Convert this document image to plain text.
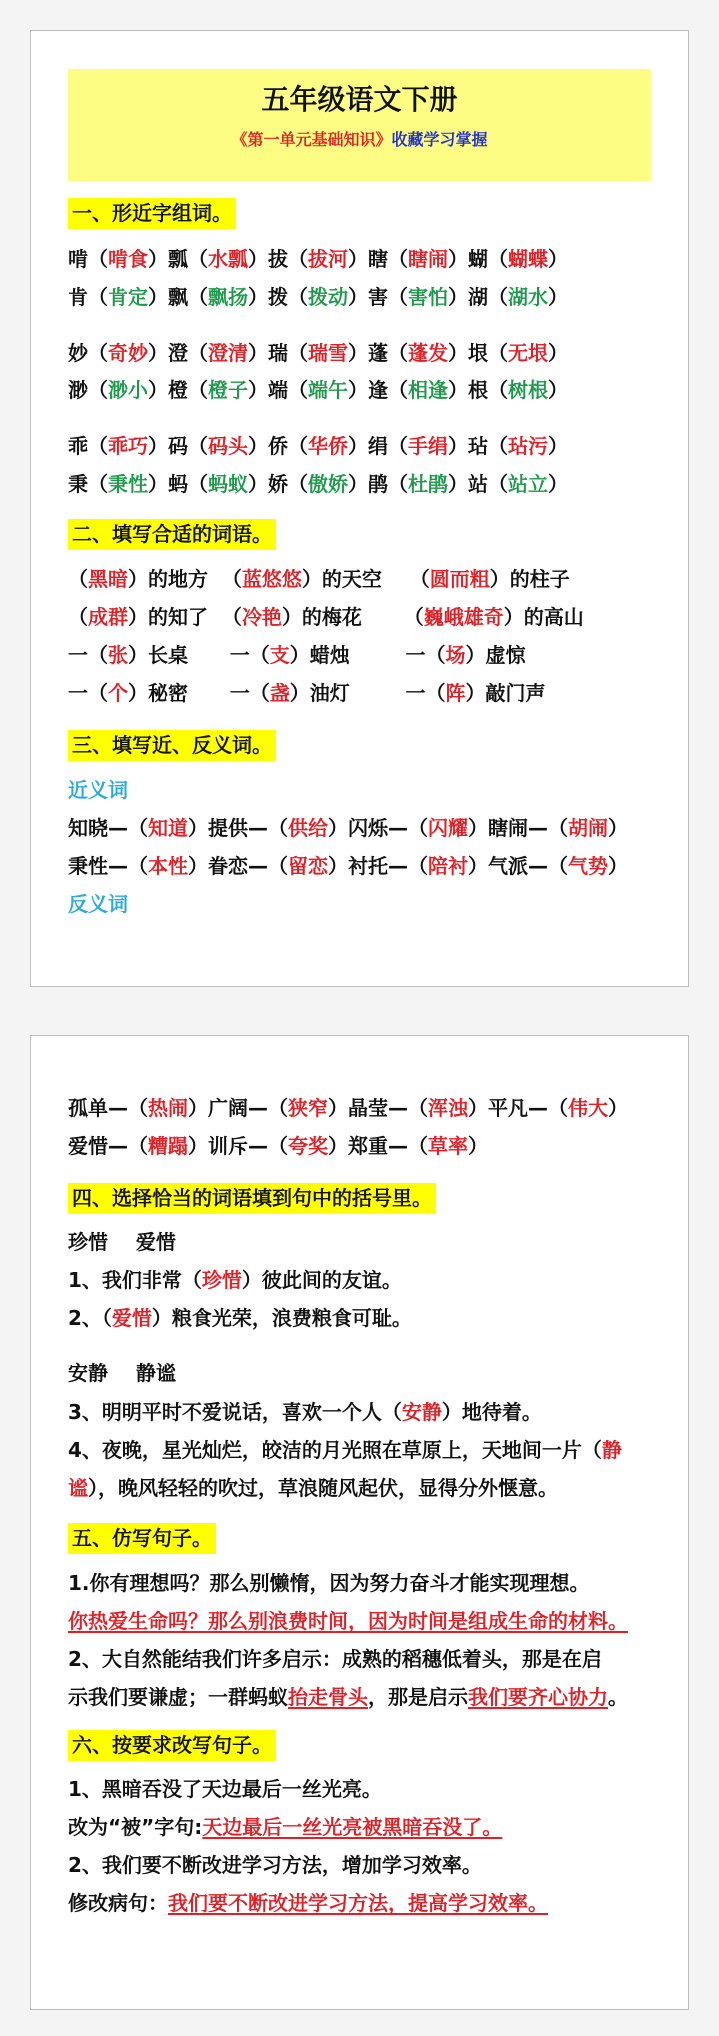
五年级语文下册
《第一单元基础知识》收藏学习掌握
一、形近字组词。
二、填写合适的词语。
三、填写近、反义词。
近义词
反义词
四、选择恰当的词语填到句中的括号里。
五、仿写句子。
六、按要求改写句子。
啃（啃食）瓢（水瓢）拔（拔河）瞎（瞎闹）蝴（蝴蝶）
肯（肯定）飘（飘扬）拨（拨动）害（害怕）湖（湖水）
妙（奇妙）澄（澄清）瑞（瑞雪）蓬（蓬发）垠（无垠）
渺（渺小）橙（橙子）端（端午）逢（相逢）根（树根）
乖（乖巧）码（码头）侨（华侨）绢（手绢）玷（玷污）
秉（秉性）蚂（蚂蚁）娇（傲娇）鹃（杜鹃）站（站立）
（黑暗）的地方  （蓝悠悠）的天空    （圆而粗）的柱子
（成群）的知了  （冷艳）的梅花      （巍峨雄奇）的高山
一（张）长桌      一（支）蜡烛        一（场）虚惊
一（个）秘密      一（盏）油灯        一（阵）敲门声
知晓—（知道）提供—（供给）闪烁—（闪耀）瞎闹—（胡闹）
秉性—（本性）眷恋—（留恋）衬托—（陪衬）气派—（气势）
孤单—（热闹）广阔—（狭窄）晶莹—（浑浊）平凡—（伟大）
爱惜—（糟蹋）训斥—（夸奖）郑重—（草率）
珍惜    爱惜
1、我们非常（珍惜）彼此间的友谊。
2、（爱惜）粮食光荣，浪费粮食可耻。
安静    静谧
3、明明平时不爱说话，喜欢一个人（安静）地待着。
4、夜晚，星光灿烂，皎洁的月光照在草原上，天地间一片（静
谧），晚风轻轻的吹过，草浪随风起伏，显得分外惬意。
1.你有理想吗？那么别懒惰，因为努力奋斗才能实现理想。
你热爱生命吗？那么别浪费时间，因为时间是组成生命的材料。
2、大自然能结我们许多启示：成熟的稻穗低着头，那是在启
示我们要谦虚；一群蚂蚁抬走骨头，那是启示我们要齐心协力。
1、黑暗吞没了天边最后一丝光亮。
改为“被”字句:天边最后一丝光亮被黑暗吞没了。
2、我们要不断改进学习方法，增加学习效率。
修改病句：我们要不断改进学习方法，提高学习效率。
